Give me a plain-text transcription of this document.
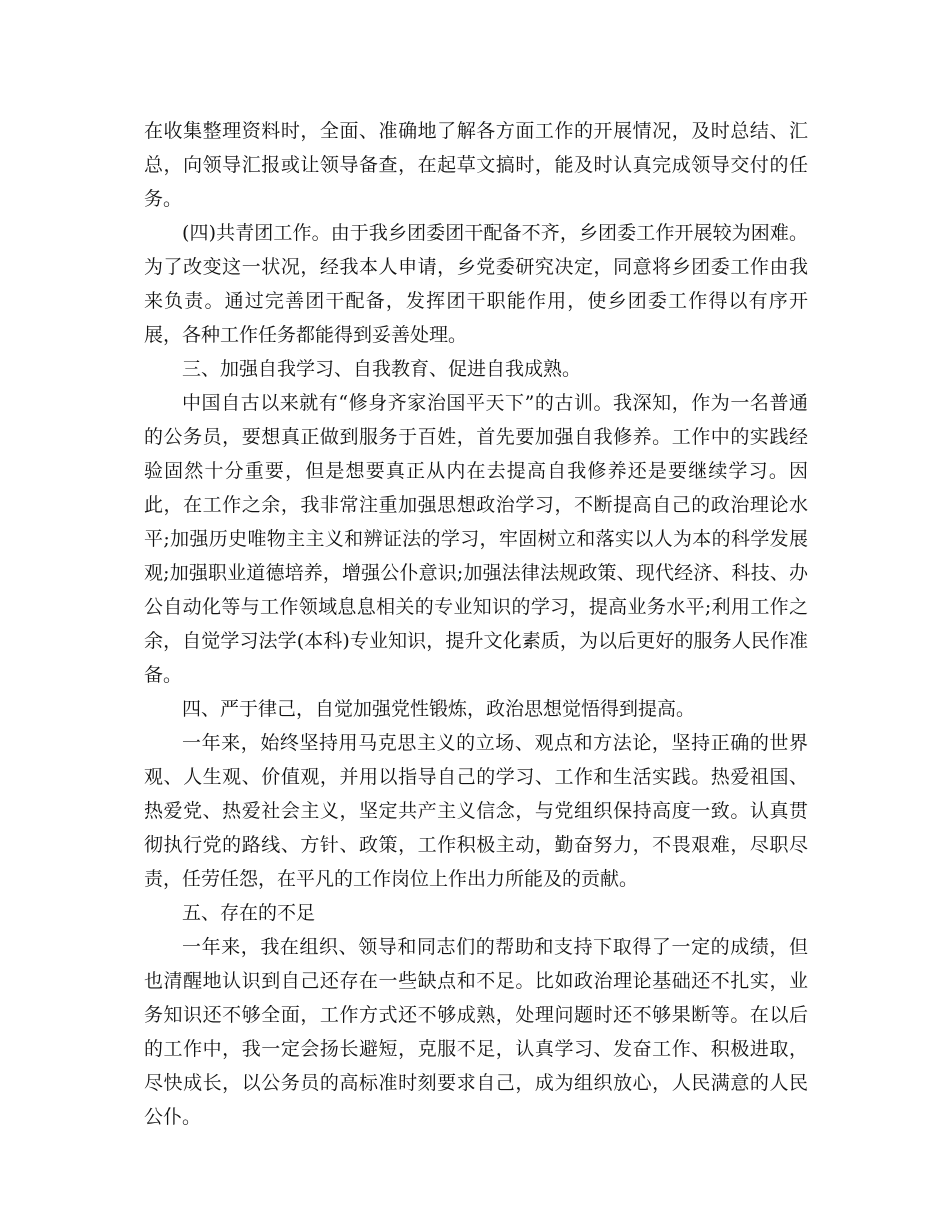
在收集整理资料时，全面、准确地了解各方面工作的开展情况，及时总结、汇总，向领导汇报或让领导备查，在起草文搞时，能及时认真完成领导交付的任务。

(四)共青团工作。由于我乡团委团干配备不齐，乡团委工作开展较为困难。为了改变这一状况，经我本人申请，乡党委研究决定，同意将乡团委工作由我来负责。通过完善团干配备，发挥团干职能作用，使乡团委工作得以有序开展，各种工作任务都能得到妥善处理。

三、加强自我学习、自我教育、促进自我成熟。

中国自古以来就有“修身齐家治国平天下”的古训。我深知，作为一名普通的公务员，要想真正做到服务于百姓，首先要加强自我修养。工作中的实践经验固然十分重要，但是想要真正从内在去提高自我修养还是要继续学习。因此，在工作之余，我非常注重加强思想政治学习，不断提高自己的政治理论水平;加强历史唯物主主义和辨证法的学习，牢固树立和落实以人为本的科学发展观;加强职业道德培养，增强公仆意识;加强法律法规政策、现代经济、科技、办公自动化等与工作领域息息相关的专业知识的学习，提高业务水平;利用工作之余，自觉学习法学(本科)专业知识，提升文化素质，为以后更好的服务人民作准备。

四、严于律己，自觉加强党性锻炼，政治思想觉悟得到提高。

一年来，始终坚持用马克思主义的立场、观点和方法论，坚持正确的世界观、人生观、价值观，并用以指导自己的学习、工作和生活实践。热爱祖国、热爱党、热爱社会主义，坚定共产主义信念，与党组织保持高度一致。认真贯彻执行党的路线、方针、政策，工作积极主动，勤奋努力，不畏艰难，尽职尽责，任劳任怨，在平凡的工作岗位上作出力所能及的贡献。

五、存在的不足

一年来，我在组织、领导和同志们的帮助和支持下取得了一定的成绩，但也清醒地认识到自己还存在一些缺点和不足。比如政治理论基础还不扎实，业务知识还不够全面，工作方式还不够成熟，处理问题时还不够果断等。在以后的工作中，我一定会扬长避短，克服不足，认真学习、发奋工作、积极进取，尽快成长，以公务员的高标准时刻要求自己，成为组织放心，人民满意的人民公仆。
